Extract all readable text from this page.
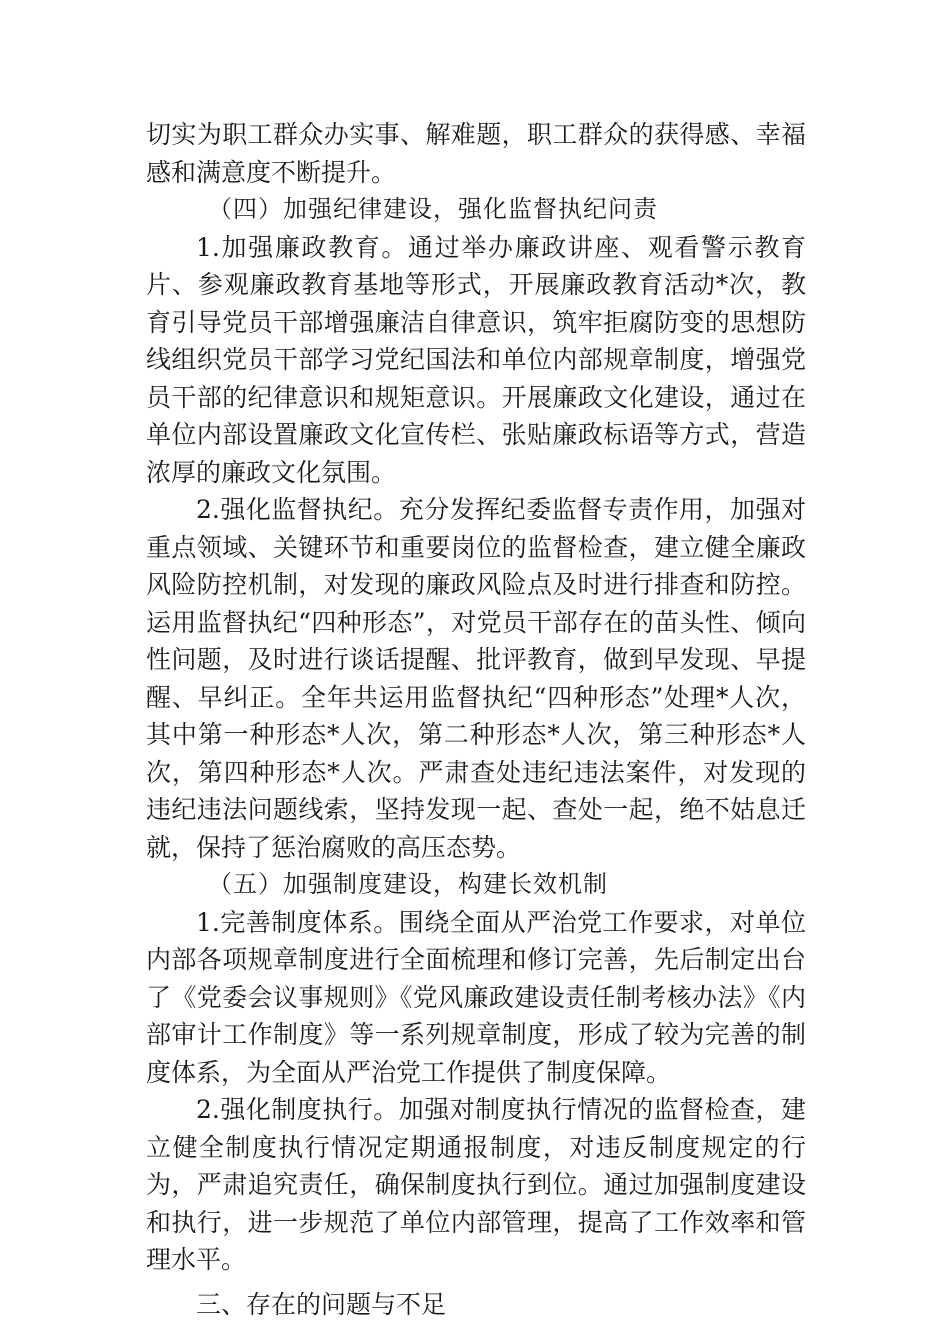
切实为职工群众办实事、解难题，职工群众的获得感、幸福感和满意度不断提升。

（四）加强纪律建设，强化监督执纪问责

1.加强廉政教育。通过举办廉政讲座、观看警示教育片、参观廉政教育基地等形式，开展廉政教育活动*次，教育引导党员干部增强廉洁自律意识，筑牢拒腐防变的思想防线组织党员干部学习党纪国法和单位内部规章制度，增强党员干部的纪律意识和规矩意识。开展廉政文化建设，通过在单位内部设置廉政文化宣传栏、张贴廉政标语等方式，营造浓厚的廉政文化氛围。

2.强化监督执纪。充分发挥纪委监督专责作用，加强对重点领域、关键环节和重要岗位的监督检查，建立健全廉政风险防控机制，对发现的廉政风险点及时进行排查和防控。运用监督执纪“四种形态”，对党员干部存在的苗头性、倾向性问题，及时进行谈话提醒、批评教育，做到早发现、早提醒、早纠正。全年共运用监督执纪“四种形态”处理*人次，其中第一种形态*人次，第二种形态*人次，第三种形态*人次，第四种形态*人次。严肃查处违纪违法案件，对发现的违纪违法问题线索，坚持发现一起、查处一起，绝不姑息迁就，保持了惩治腐败的高压态势。

（五）加强制度建设，构建长效机制

1.完善制度体系。围绕全面从严治党工作要求，对单位内部各项规章制度进行全面梳理和修订完善，先后制定出台了《党委会议事规则》《党风廉政建设责任制考核办法》《内部审计工作制度》等一系列规章制度，形成了较为完善的制度体系，为全面从严治党工作提供了制度保障。

2.强化制度执行。加强对制度执行情况的监督检查，建立健全制度执行情况定期通报制度，对违反制度规定的行为，严肃追究责任，确保制度执行到位。通过加强制度建设和执行，进一步规范了单位内部管理，提高了工作效率和管理水平。

三、存在的问题与不足
